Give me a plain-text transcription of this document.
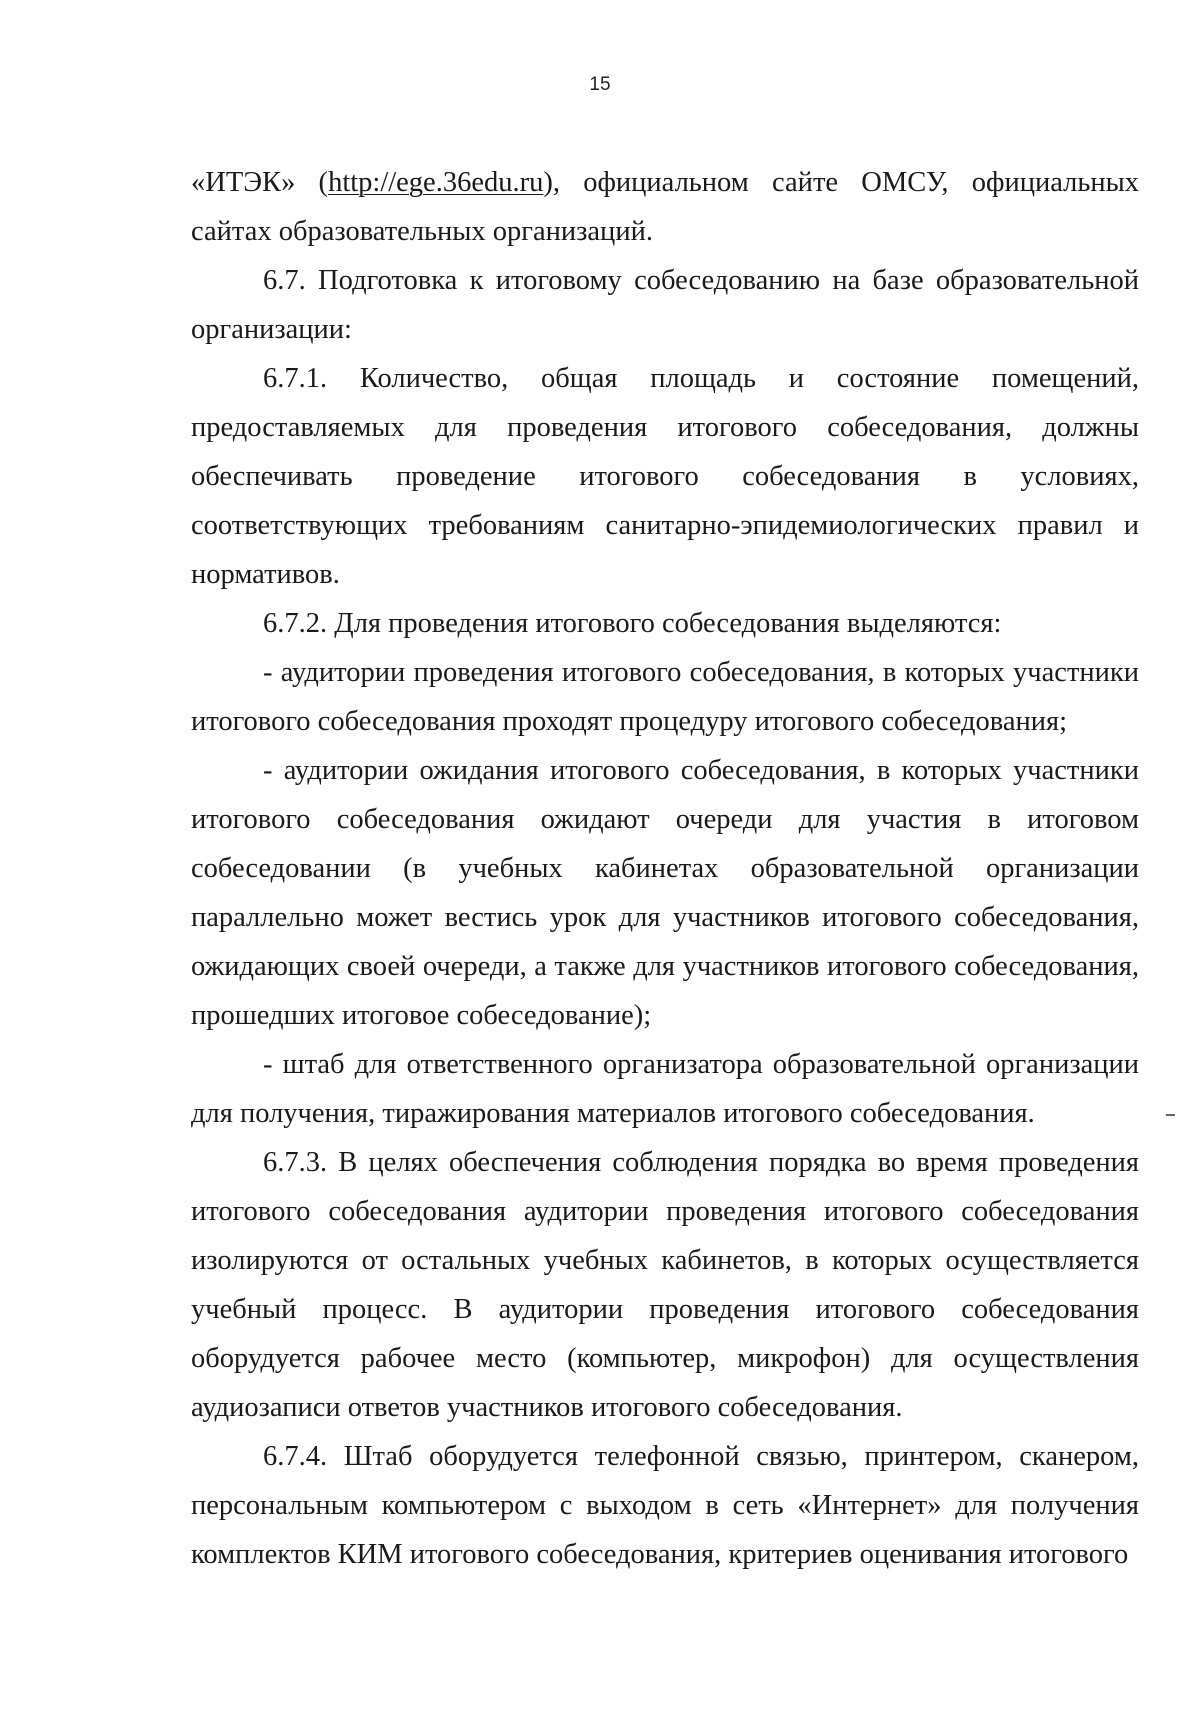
15

«ИТЭК» (http://ege.36edu.ru), официальном сайте ОМСУ, официальных сайтах образовательных организаций.

6.7. Подготовка к итоговому собеседованию на базе образовательной организации:

6.7.1. Количество, общая площадь и состояние помещений, предоставляемых для проведения итогового собеседования, должны обеспечивать проведение итогового собеседования в условиях, соответствующих требованиям санитарно-эпидемиологических правил и нормативов.

6.7.2. Для проведения итогового собеседования выделяются:

- аудитории проведения итогового собеседования, в которых участники итогового собеседования проходят процедуру итогового собеседования;

- аудитории ожидания итогового собеседования, в которых участники итогового собеседования ожидают очереди для участия в итоговом собеседовании (в учебных кабинетах образовательной организации параллельно может вестись урок для участников итогового собеседования, ожидающих своей очереди, а также для участников итогового собеседования, прошедших итоговое собеседование);

- штаб для ответственного организатора образовательной организации для получения, тиражирования материалов итогового собеседования.

6.7.3. В целях обеспечения соблюдения порядка во время проведения итогового собеседования аудитории проведения итогового собеседования изолируются от остальных учебных кабинетов, в которых осуществляется учебный процесс. В аудитории проведения итогового собеседования оборудуется рабочее место (компьютер, микрофон) для осуществления аудиозаписи ответов участников итогового собеседования.

6.7.4. Штаб оборудуется телефонной связью, принтером, сканером, персональным компьютером с выходом в сеть «Интернет» для получения комплектов КИМ итогового собеседования, критериев оценивания итогового
